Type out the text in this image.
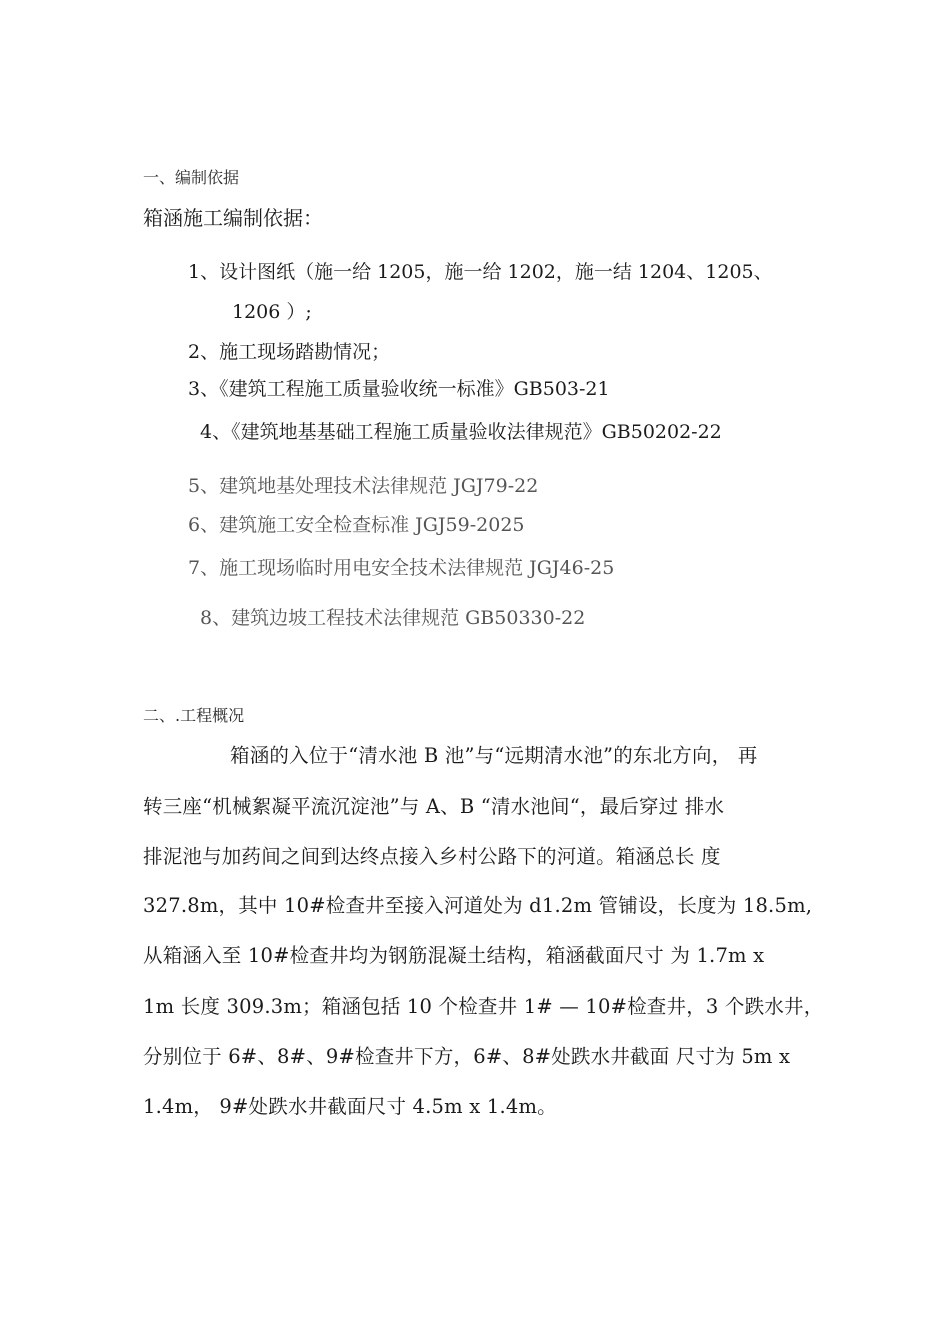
一、编制依据
箱涵施工编制依据：
1、设计图纸（施一给 1205，施一给 1202，施一结 1204、1205、
1206 ）;
2、施工现场踏勘情况；
3、《建筑工程施工质量验收统一标准》GB503-21
4、《建筑地基基础工程施工质量验收法律规范》GB50202-22
5、建筑地基处理技术法律规范 JGJ79-22
6、建筑施工安全检查标准 JGJ59-2025
7、施工现场临时用电安全技术法律规范 JGJ46-25
8、建筑边坡工程技术法律规范 GB50330-22
二、.工程概况
箱涵的入位于“清水池 B 池”与“远期清水池”的东北方向， 再
转三座“机械絮凝平流沉淀池”与 A、B “清水池间“，最后穿过 排水
排泥池与加药间之间到达终点接入乡村公路下的河道。箱涵总长 度
327.8m，其中 10#检查井至接入河道处为 d1.2m 管铺设，长度为 18.5m,
从箱涵入至 10#检查井均为钢筋混凝土结构，箱涵截面尺寸 为 1.7m x
1m 长度 309.3m；箱涵包括 10 个检查井 1# — 10#检查井，3 个跌水井，
分别位于 6#、8#、9#检查井下方，6#、8#处跌水井截面 尺寸为 5m x
1.4m， 9#处跌水井截面尺寸 4.5m x 1.4m。
